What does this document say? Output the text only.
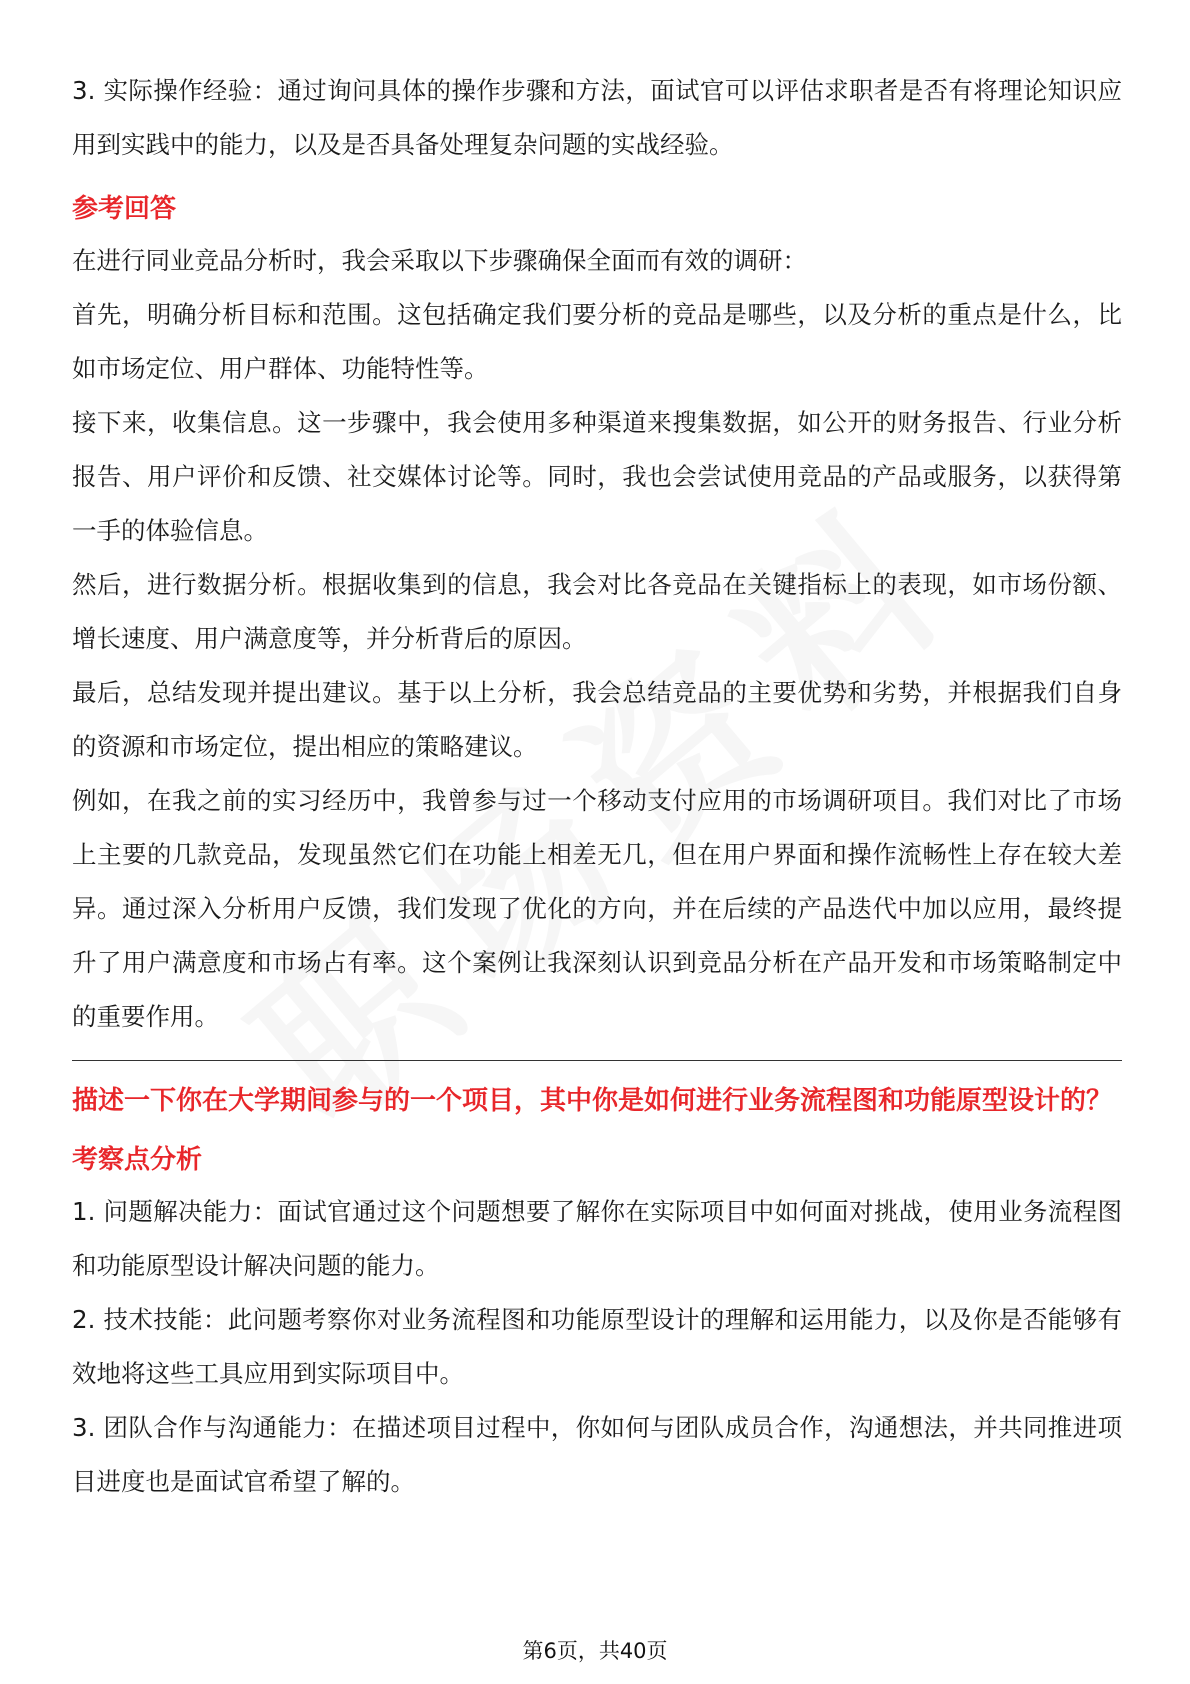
3. 实际操作经验：通过询问具体的操作步骤和方法，面试官可以评估求职者是否有将理论知识应用到实践中的能力，以及是否具备处理复杂问题的实战经验。

参考回答

在进行同业竞品分析时，我会采取以下步骤确保全面而有效的调研：

首先，明确分析目标和范围。这包括确定我们要分析的竞品是哪些，以及分析的重点是什么，比如市场定位、用户群体、功能特性等。

接下来，收集信息。这一步骤中，我会使用多种渠道来搜集数据，如公开的财务报告、行业分析报告、用户评价和反馈、社交媒体讨论等。同时，我也会尝试使用竞品的产品或服务，以获得第一手的体验信息。

然后，进行数据分析。根据收集到的信息，我会对比各竞品在关键指标上的表现，如市场份额、增长速度、用户满意度等，并分析背后的原因。

最后，总结发现并提出建议。基于以上分析，我会总结竞品的主要优势和劣势，并根据我们自身的资源和市场定位，提出相应的策略建议。

例如，在我之前的实习经历中，我曾参与过一个移动支付应用的市场调研项目。我们对比了市场上主要的几款竞品，发现虽然它们在功能上相差无几，但在用户界面和操作流畅性上存在较大差异。通过深入分析用户反馈，我们发现了优化的方向，并在后续的产品迭代中加以应用，最终提升了用户满意度和市场占有率。这个案例让我深刻认识到竞品分析在产品开发和市场策略制定中的重要作用。

描述一下你在大学期间参与的一个项目，其中你是如何进行业务流程图和功能原型设计的？
考察点分析

1. 问题解决能力：面试官通过这个问题想要了解你在实际项目中如何面对挑战，使用业务流程图和功能原型设计解决问题的能力。

2. 技术技能：此问题考察你对业务流程图和功能原型设计的理解和运用能力，以及你是否能够有效地将这些工具应用到实际项目中。

3. 团队合作与沟通能力：在描述项目过程中，你如何与团队成员合作，沟通想法，并共同推进项目进度也是面试官希望了解的。

第6页，共40页
